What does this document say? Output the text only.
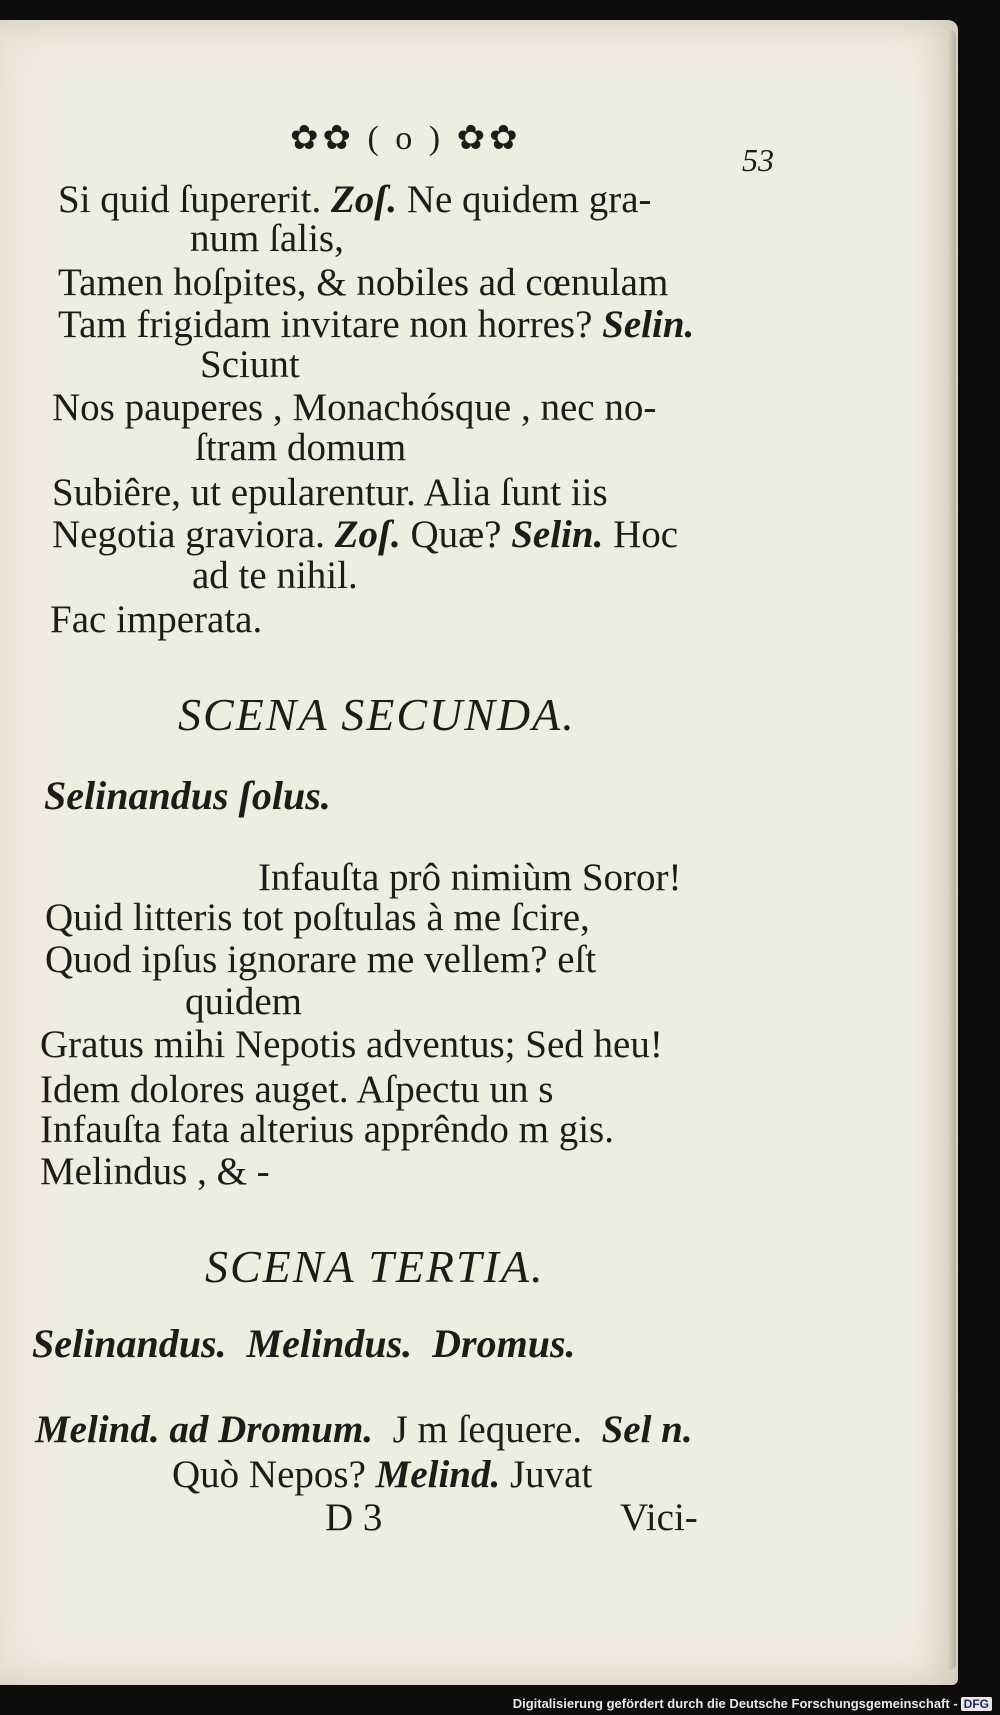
✿✿ ( o ) ✿✿
53
Si quid ſupererit. Zoſ. Ne quidem gra-
num ſalis,
Tamen hoſpites, & nobiles ad cœnulam
Tam frigidam invitare non horres? Selin.
Sciunt
Nos pauperes , Monachósque , nec no-
ſtram domum
Subiêre, ut epularentur. Alia ſunt iis
Negotia graviora. Zoſ. Quæ? Selin. Hoc
ad te nihil.
Fac imperata.
SCENA SECUNDA.
Selinandus ſolus.
Infauſta prô nimiùm Soror!
Quid litteris tot poſtulas à me ſcire,
Quod ipſus ignorare me vellem? eſt
quidem
Gratus mihi Nepotis adventus; Sed heu!
Idem dolores auget. Aſpectu un s
Infauſta fata alterius apprêndo m gis.
Melindus , & -
SCENA TERTIA.
Selinandus. Melindus. Dromus.
Melind. ad Dromum. J m ſequere. Sel n.
Quò Nepos? Melind. Juvat
D 3	Vici-
Digitalisierung gefördert durch die Deutsche Forschungsgemeinschaft - DFG
